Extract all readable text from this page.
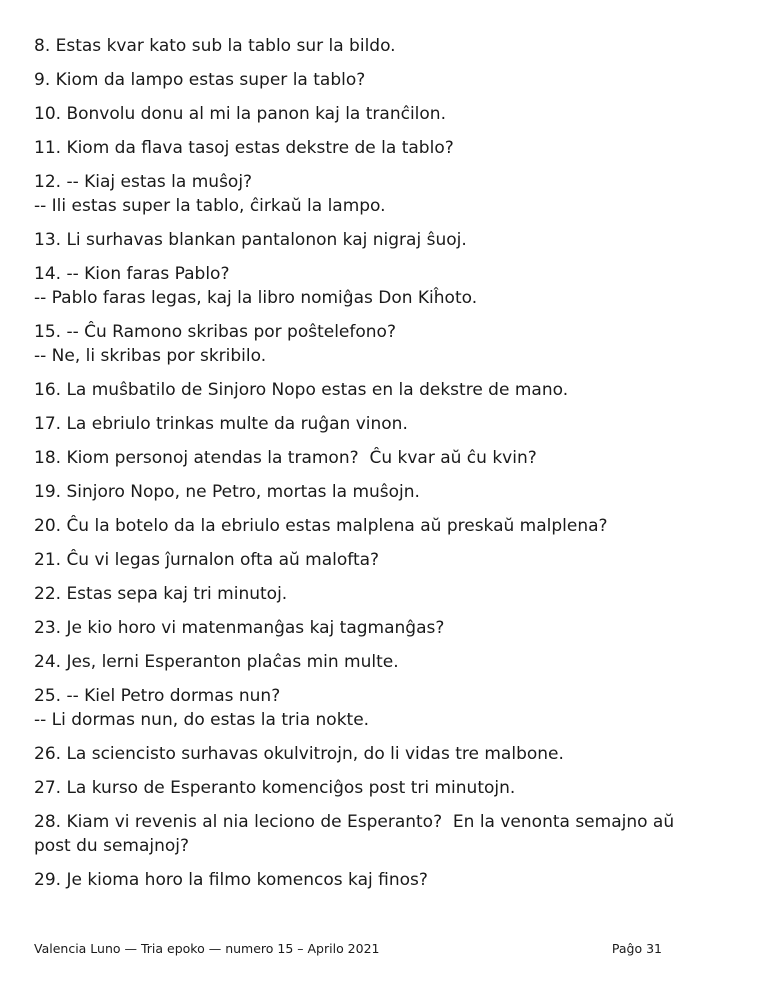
8. Estas kvar kato sub la tablo sur la bildo.
9. Kiom da lampo estas super la tablo?
10. Bonvolu donu al mi la panon kaj la tranĉilon.
11. Kiom da flava tasoj estas dekstre de la tablo?
12. -- Kiaj estas la muŝoj?
-- Ili estas super la tablo, ĉirkaŭ la lampo.
13. Li surhavas blankan pantalonon kaj nigraj ŝuoj.
14. -- Kion faras Pablo?
-- Pablo faras legas, kaj la libro nomiĝas Don Kiĥoto.
15. -- Ĉu Ramono skribas por poŝtelefono?
-- Ne, li skribas por skribilo.
16. La muŝbatilo de Sinjoro Nopo estas en la dekstre de mano.
17. La ebriulo trinkas multe da ruĝan vinon.
18. Kiom personoj atendas la tramon?  Ĉu kvar aŭ ĉu kvin?
19. Sinjoro Nopo, ne Petro, mortas la muŝojn.
20. Ĉu la botelo da la ebriulo estas malplena aŭ preskaŭ malplena?
21. Ĉu vi legas ĵurnalon ofta aŭ malofta?
22. Estas sepa kaj tri minutoj.
23. Je kio horo vi matenmanĝas kaj tagmanĝas?
24. Jes, lerni Esperanton plaĉas min multe.
25. -- Kiel Petro dormas nun?
-- Li dormas nun, do estas la tria nokte.
26. La sciencisto surhavas okulvitrojn, do li vidas tre malbone.
27. La kurso de Esperanto komenciĝos post tri minutojn.
28. Kiam vi revenis al nia leciono de Esperanto?  En la venonta semajno aŭ
post du semajnoj?
29. Je kioma horo la filmo komencos kaj finos?
Valencia Luno — Tria epoko — numero 15 – Aprilo 2021	Paĝo 31
